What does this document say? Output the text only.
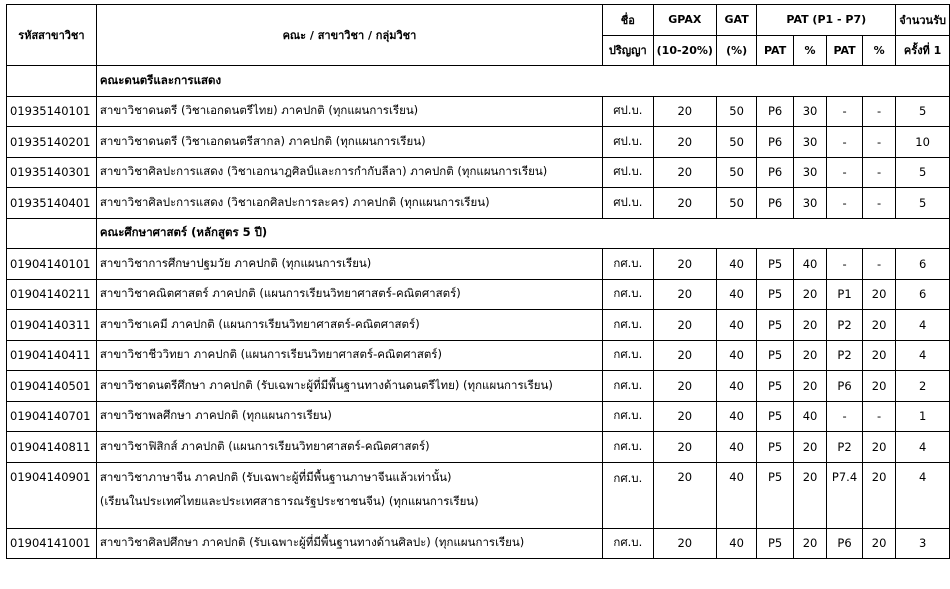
รหัสสาขาวิชา	คณะ / สาขาวิชา / กลุ่มวิชา	ชื่อ	GPAX	GAT	PAT (P1 - P7)				จำนวนรับ
		ปริญญา	(10-20%)	(%)	PAT	%	PAT	%	ครั้งที่ 1
	คณะดนตรีและการแสดง								
01935140101	สาขาวิชาดนตรี (วิชาเอกดนตรีไทย) ภาคปกติ (ทุกแผนการเรียน)	ศป.บ.	20	50	P6	30	-	-	5
01935140201	สาขาวิชาดนตรี (วิชาเอกดนตรีสากล) ภาคปกติ (ทุกแผนการเรียน)	ศป.บ.	20	50	P6	30	-	-	10
01935140301	สาขาวิชาศิลปะการแสดง (วิชาเอกนาฎศิลป์และการกำกับลีลา) ภาคปกติ (ทุกแผนการเรียน)	ศป.บ.	20	50	P6	30	-	-	5
01935140401	สาขาวิชาศิลปะการแสดง (วิชาเอกศิลปะการละคร) ภาคปกติ (ทุกแผนการเรียน)	ศป.บ.	20	50	P6	30	-	-	5
	คณะศึกษาศาสตร์ (หลักสูตร 5 ปี)								
01904140101	สาขาวิชาการศึกษาปฐมวัย ภาคปกติ (ทุกแผนการเรียน)	กศ.บ.	20	40	P5	40	-	-	6
01904140211	สาขาวิชาคณิตศาสตร์ ภาคปกติ (แผนการเรียนวิทยาศาสตร์-คณิตศาสตร์)	กศ.บ.	20	40	P5	20	P1	20	6
01904140311	สาขาวิชาเคมี ภาคปกติ (แผนการเรียนวิทยาศาสตร์-คณิตศาสตร์)	กศ.บ.	20	40	P5	20	P2	20	4
01904140411	สาขาวิชาชีววิทยา ภาคปกติ (แผนการเรียนวิทยาศาสตร์-คณิตศาสตร์)	กศ.บ.	20	40	P5	20	P2	20	4
01904140501	สาขาวิชาดนตรีศึกษา ภาคปกติ (รับเฉพาะผู้ที่มีพื้นฐานทางด้านดนตรีไทย) (ทุกแผนการเรียน)	กศ.บ.	20	40	P5	20	P6	20	2
01904140701	สาขาวิชาพลศึกษา ภาคปกติ (ทุกแผนการเรียน)	กศ.บ.	20	40	P5	40	-	-	1
01904140811	สาขาวิชาฟิสิกส์ ภาคปกติ (แผนการเรียนวิทยาศาสตร์-คณิตศาสตร์)	กศ.บ.	20	40	P5	20	P2	20	4
01904140901	สาขาวิชาภาษาจีน ภาคปกติ (รับเฉพาะผู้ที่มีพื้นฐานภาษาจีนแล้วเท่านั้น)
(เรียนในประเทศไทยและประเทศสาธารณรัฐประชาชนจีน) (ทุกแผนการเรียน)	กศ.บ.	20	40	P5	20	P7.4	20	4
01904141001	สาขาวิชาศิลปศึกษา ภาคปกติ (รับเฉพาะผู้ที่มีพื้นฐานทางด้านศิลปะ) (ทุกแผนการเรียน)	กศ.บ.	20	40	P5	20	P6	20	3
